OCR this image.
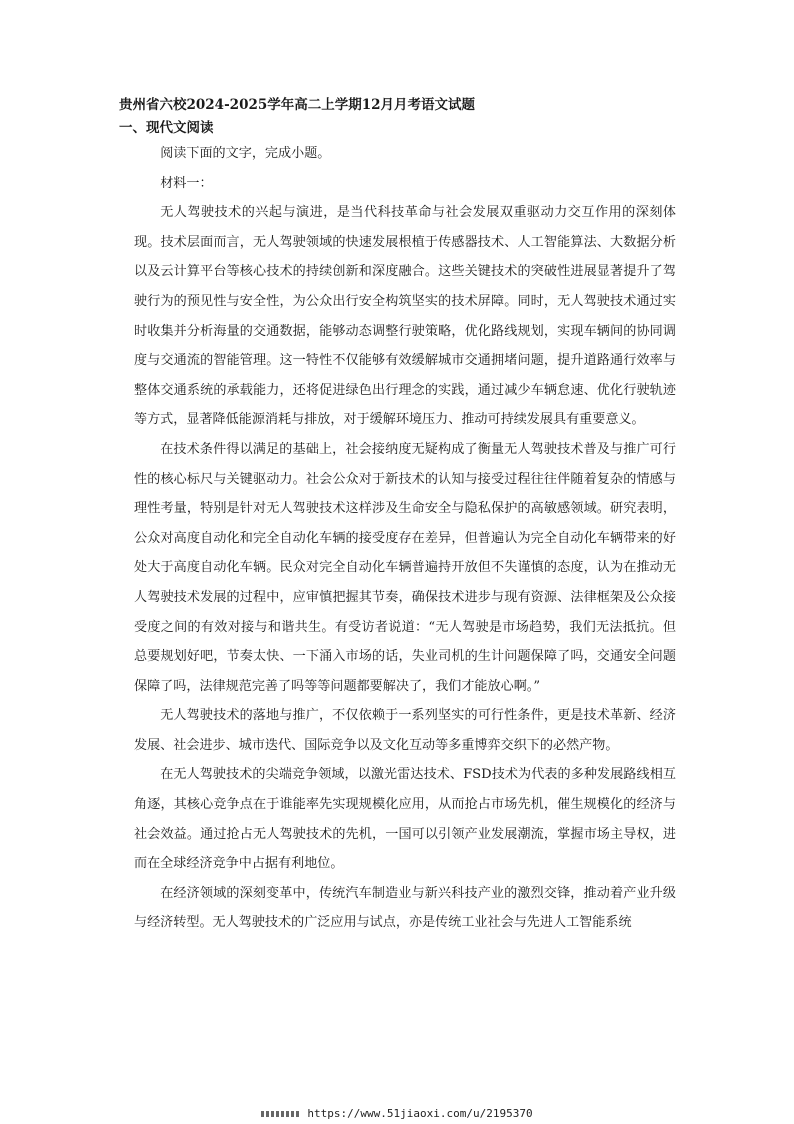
贵州省六校2024-2025学年高二上学期12月月考语文试题
一、现代文阅读

阅读下面的文字，完成小题。

材料一：

无人驾驶技术的兴起与演进，是当代科技革命与社会发展双重驱动力交互作用的深刻体现。技术层面而言，无人驾驶领域的快速发展根植于传感器技术、人工智能算法、大数据分析以及云计算平台等核心技术的持续创新和深度融合。这些关键技术的突破性进展显著提升了驾驶行为的预见性与安全性，为公众出行安全构筑坚实的技术屏障。同时，无人驾驶技术通过实时收集并分析海量的交通数据，能够动态调整行驶策略，优化路线规划，实现车辆间的协同调度与交通流的智能管理。这一特性不仅能够有效缓解城市交通拥堵问题，提升道路通行效率与整体交通系统的承载能力，还将促进绿色出行理念的实践，通过减少车辆怠速、优化行驶轨迹等方式，显著降低能源消耗与排放，对于缓解环境压力、推动可持续发展具有重要意义。

在技术条件得以满足的基础上，社会接纳度无疑构成了衡量无人驾驶技术普及与推广可行性的核心标尺与关键驱动力。社会公众对于新技术的认知与接受过程往往伴随着复杂的情感与理性考量，特别是针对无人驾驶技术这样涉及生命安全与隐私保护的高敏感领域。研究表明，公众对高度自动化和完全自动化车辆的接受度存在差异，但普遍认为完全自动化车辆带来的好处大于高度自动化车辆。民众对完全自动化车辆普遍持开放但不失谨慎的态度，认为在推动无人驾驶技术发展的过程中，应审慎把握其节奏，确保技术进步与现有资源、法律框架及公众接受度之间的有效对接与和谐共生。有受访者说道：“无人驾驶是市场趋势，我们无法抵抗。但总要规划好吧，节奏太快、一下涌入市场的话，失业司机的生计问题保障了吗，交通安全问题保障了吗，法律规范完善了吗等等问题都要解决了，我们才能放心啊。”

无人驾驶技术的落地与推广，不仅依赖于一系列坚实的可行性条件，更是技术革新、经济发展、社会进步、城市迭代、国际竞争以及文化互动等多重博弈交织下的必然产物。

在无人驾驶技术的尖端竞争领域，以激光雷达技术、FSD技术为代表的多种发展路线相互角逐，其核心竞争点在于谁能率先实现规模化应用，从而抢占市场先机，催生规模化的经济与社会效益。通过抢占无人驾驶技术的先机，一国可以引领产业发展潮流，掌握市场主导权，进而在全球经济竞争中占据有利地位。

在经济领域的深刻变革中，传统汽车制造业与新兴科技产业的激烈交锋，推动着产业升级与经济转型。无人驾驶技术的广泛应用与试点，亦是传统工业社会与先进人工智能系统

https://www.51jiaoxi.com/u/2195370
